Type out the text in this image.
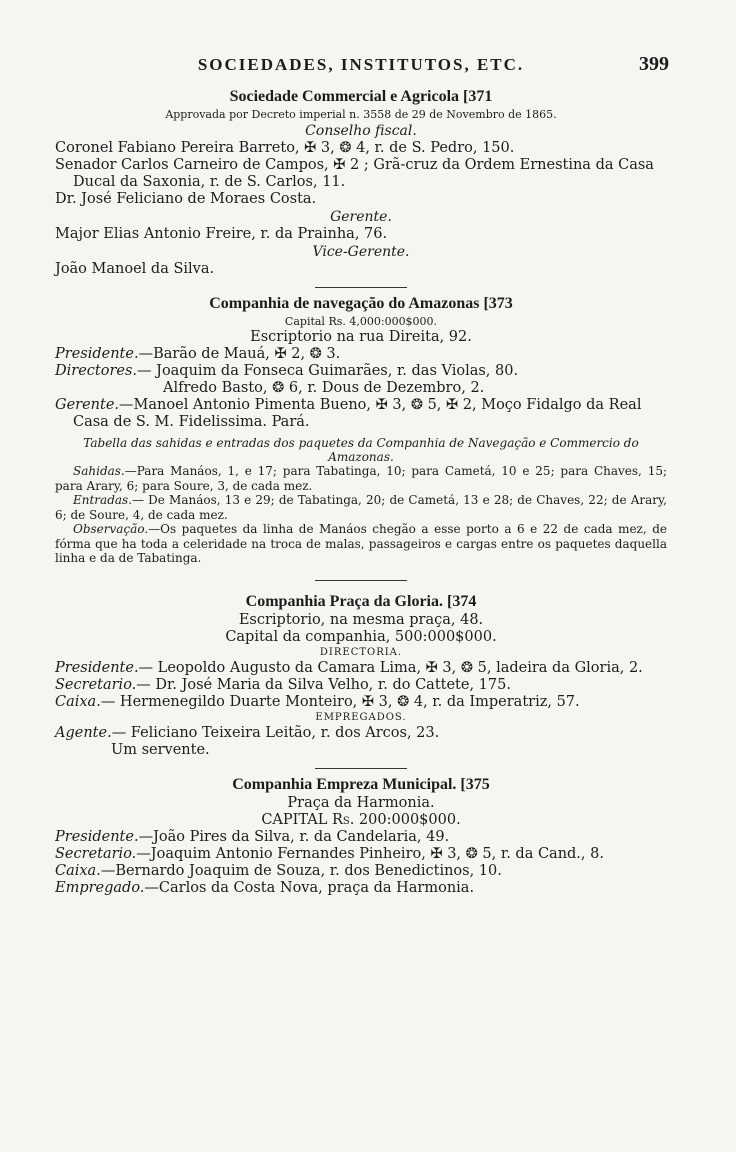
SOCIEDADES, INSTITUTOS, ETC.	399
Sociedade Commercial e Agricola [371
Approvada por Decreto imperial n. 3558 de 29 de Novembro de 1865.
Conselho fiscal.
Coronel Fabiano Pereira Barreto, ✠ 3, ❂ 4, r. de S. Pedro, 150.
Senador Carlos Carneiro de Campos, ✠ 2 ; Grã-cruz da Ordem Ernestina da Casa Ducal da Saxonia, r. de S. Carlos, 11.
Dr. José Feliciano de Moraes Costa.
Gerente.
Major Elias Antonio Freire, r. da Prainha, 76.
Vice-Gerente.
João Manoel da Silva.
Companhia de navegação do Amazonas [373
Capital Rs. 4,000:000$000.
Escriptorio na rua Direita, 92.
Presidente.—Barão de Mauá, ✠ 2, ❂ 3.
Directores.— Joaquim da Fonseca Guimarães, r. das Violas, 80.
Alfredo Basto, ❂ 6, r. Dous de Dezembro, 2.
Gerente.—Manoel Antonio Pimenta Bueno, ✠ 3, ❂ 5, ✠ 2, Moço Fidalgo da Real Casa de S. M. Fidelissima. Pará.
Tabella das sahidas e entradas dos paquetes da Companhia de Navegação e Commercio do Amazonas.
Sahidas.—Para Manáos, 1, e 17; para Tabatinga, 10; para Cametá, 10 e 25; para Chaves, 15; para Arary, 6; para Soure, 3, de cada mez.
Entradas.— De Manáos, 13 e 29; de Tabatinga, 20; de Cametá, 13 e 28; de Chaves, 22; de Arary, 6; de Soure, 4, de cada mez.
Observação.—Os paquetes da linha de Manáos chegão a esse porto a 6 e 22 de cada mez, de fórma que ha toda a celeridade na troca de malas, passageiros e cargas entre os paquetes daquella linha e da de Tabatinga.
Companhia Praça da Gloria. [374
Escriptorio, na mesma praça, 48.
Capital da companhia, 500:000$000.
DIRECTORIA.
Presidente.— Leopoldo Augusto da Camara Lima, ✠ 3, ❂ 5, ladeira da Gloria, 2.
Secretario.— Dr. José Maria da Silva Velho, r. do Cattete, 175.
Caixa.— Hermenegildo Duarte Monteiro, ✠ 3, ❂ 4, r. da Imperatriz, 57.
EMPREGADOS.
Agente.— Feliciano Teixeira Leitão, r. dos Arcos, 23.
Um servente.
Companhia Empreza Municipal. [375
Praça da Harmonia.
CAPITAL Rs. 200:000$000.
Presidente.—João Pires da Silva, r. da Candelaria, 49.
Secretario.—Joaquim Antonio Fernandes Pinheiro, ✠ 3, ❂ 5, r. da Cand., 8.
Caixa.—Bernardo Joaquim de Souza, r. dos Benedictinos, 10.
Empregado.—Carlos da Costa Nova, praça da Harmonia.
